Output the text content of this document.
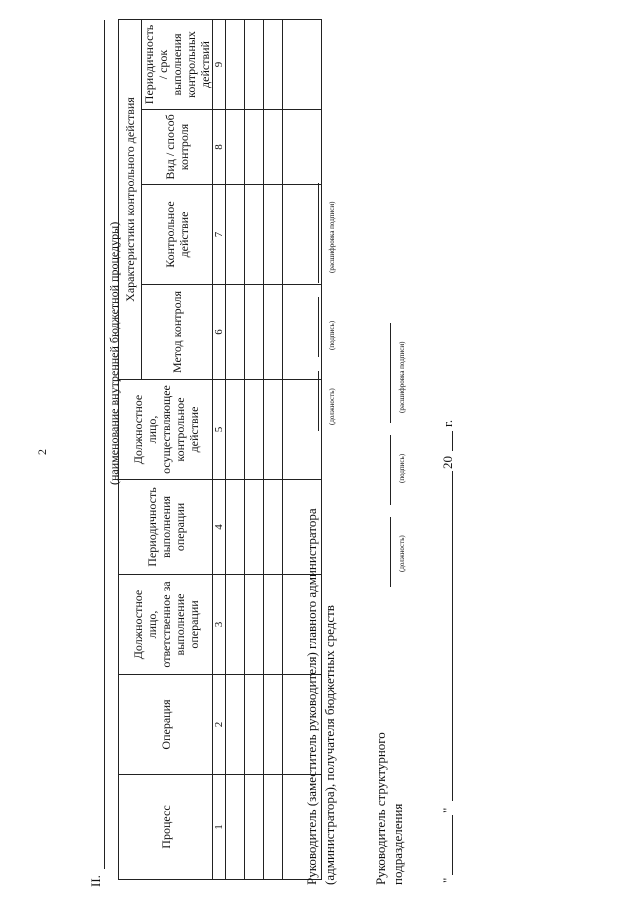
2
II.
(наименование внутренней бюджетной процедуры)
Процесс	Операция	Должностное лицо, ответственное за выполнение операции	Периодичность выполнения операции	Должностное лицо, осуществляющее контрольное действие	Характеристики контрольного действия			
					Метод контроля	Контрольное действие	Вид / способ контроля	Периодичность / срок выполнения контрольных действий
1	2	3	4	5	6	7	8	9

Руководитель (заместитель руководителя) главного администратора (администратора), получателя бюджетных средств
(должность)
(подпись)
(расшифровка подписи)
Руководитель структурного подразделения
(должность)
(подпись)
(расшифровка подписи)
"
"
20
г.
